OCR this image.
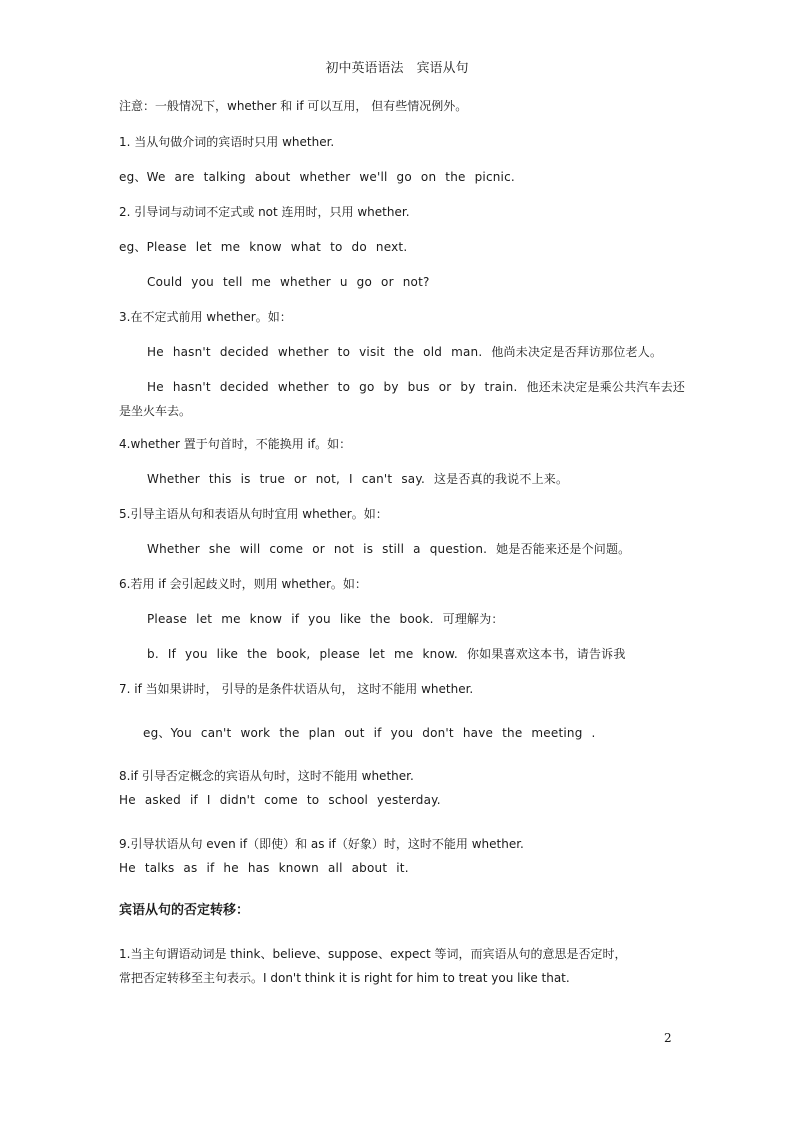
初中英语语法　宾语从句
注意：一般情况下，whether 和 if 可以互用， 但有些情况例外。
1. 当从句做介词的宾语时只用 whether.
eg、We are talking about whether we'll go on the picnic.
2. 引导词与动词不定式或 not 连用时，只用 whether.
eg、Please let me know what to do next.
Could you tell me whether u go or not?
3.在不定式前用 whether。如：
He hasn't decided whether to visit the old man. 他尚未决定是否拜访那位老人。
He hasn't decided whether to go by bus or by train. 他还未决定是乘公共汽车去还
是坐火车去。
4.whether 置于句首时，不能换用 if。如：
Whether this is true or not, I can't say. 这是否真的我说不上来。
5.引导主语从句和表语从句时宜用 whether。如：
Whether she will come or not is still a question. 她是否能来还是个问题。
6.若用 if 会引起歧义时，则用 whether。如：
Please let me know if you like the book. 可理解为：
b. If you like the book, please let me know. 你如果喜欢这本书，请告诉我
7. if 当如果讲时， 引导的是条件状语从句， 这时不能用 whether.
eg、You can't work the plan out if you don't have the meeting .
8.if 引导否定概念的宾语从句时，这时不能用 whether.
He asked if I didn't come to school yesterday.
9.引导状语从句 even if（即使）和 as if（好象）时，这时不能用 whether.
He talks as if he has known all about it.
宾语从句的否定转移：
1.当主句谓语动词是 think、believe、suppose、expect 等词，而宾语从句的意思是否定时，
常把否定转移至主句表示。I don't think it is right for him to treat you like that.
2
